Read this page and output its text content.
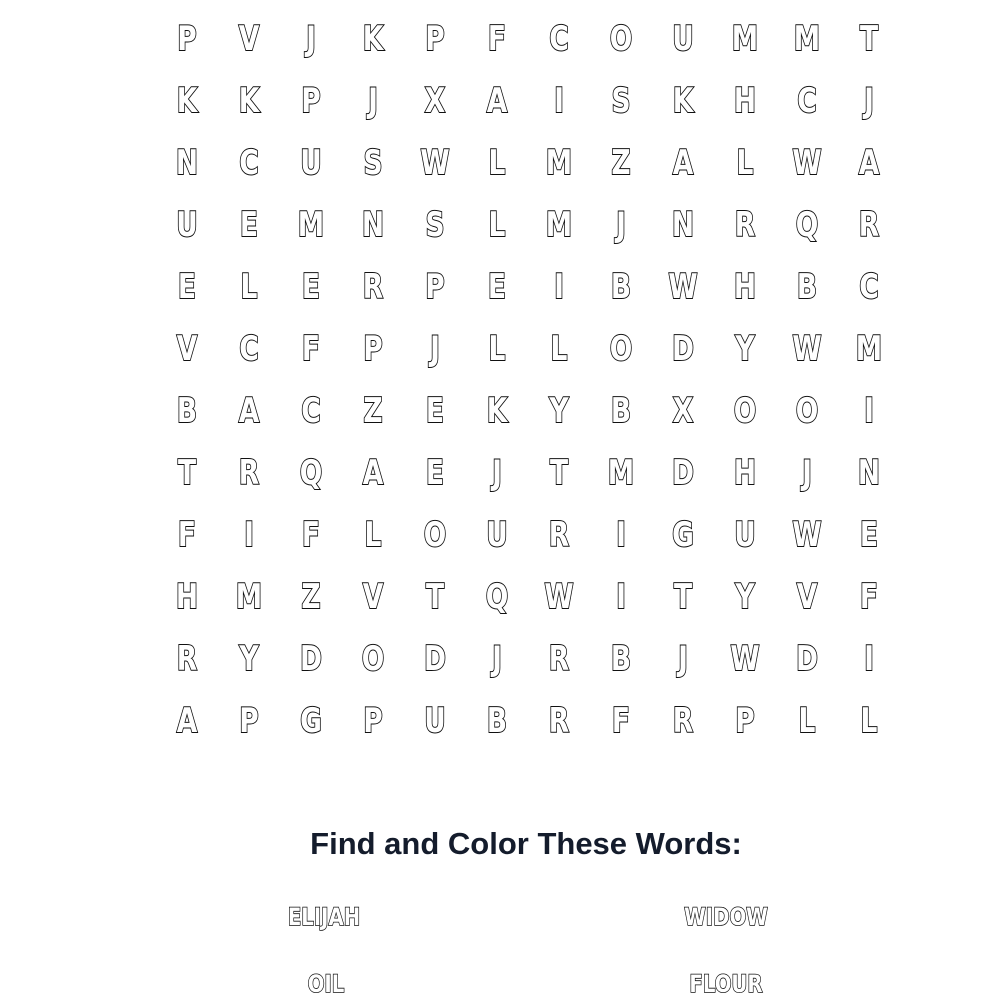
P	V	J	K	P	F	C	O	U	M	M	T
K	K	P	J	X	A	I	S	K	H	C	J
N	C	U	S	W	L	M	Z	A	L	W	A
U	E	M	N	S	L	M	J	N	R	Q	R
E	L	E	R	P	E	I	B	W	H	B	C
V	C	F	P	J	L	L	O	D	Y	W	M
B	A	C	Z	E	K	Y	B	X	O	O	I
T	R	Q	A	E	J	T	M	D	H	J	N
F	I	F	L	O	U	R	I	G	U	W	E
H	M	Z	V	T	Q	W	I	T	Y	V	F
R	Y	D	O	D	J	R	B	J	W	D	I
A	P	G	P	U	B	R	F	R	P	L	L
Find and Color These Words:
ELIJAH	WIDOW
OIL	FLOUR
